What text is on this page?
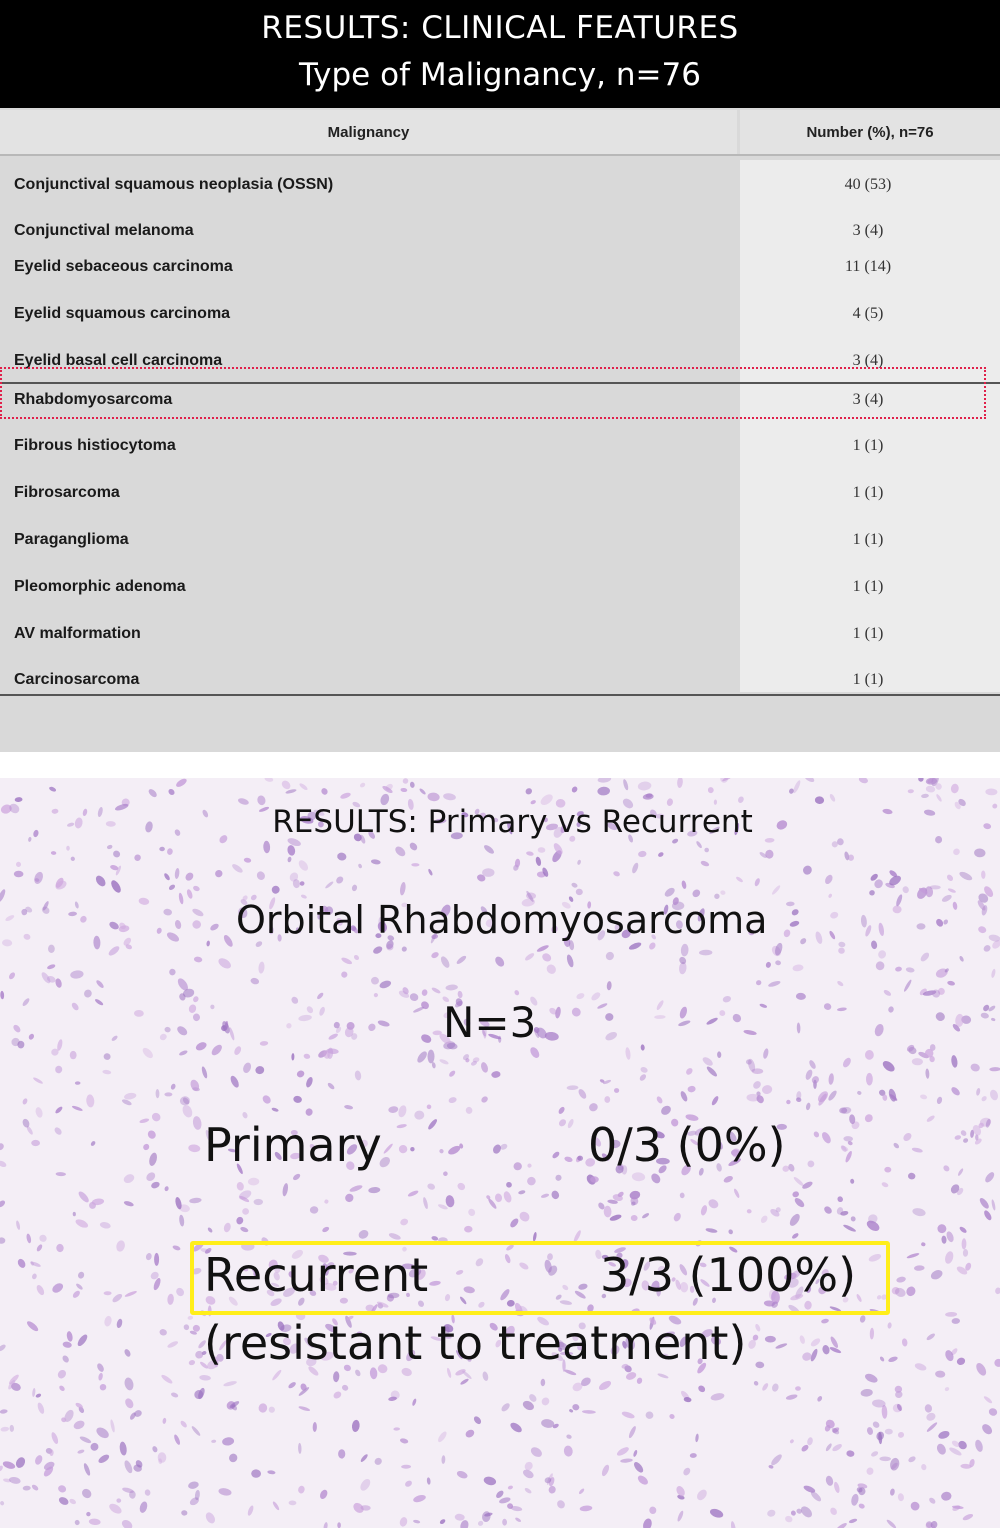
RESULTS: CLINICAL FEATURES
Type of Malignancy, n=76
Malignancy	Number (%), n=76
Conjunctival squamous neoplasia (OSSN)	40 (53)
Conjunctival melanoma	3 (4)
Eyelid sebaceous carcinoma	11 (14)
Eyelid squamous carcinoma	4 (5)
Eyelid basal cell carcinoma	3 (4)
Rhabdomyosarcoma	3 (4)
Fibrous histiocytoma	1 (1)
Fibrosarcoma	1 (1)
Paraganglioma	1 (1)
Pleomorphic adenoma	1 (1)
AV malformation	1 (1)
Carcinosarcoma	1 (1)
RESULTS: Primary vs Recurrent
Orbital Rhabdomyosarcoma
N=3
Primary	0/3 (0%)
Recurrent	3/3 (100%)
(resistant to treatment)
